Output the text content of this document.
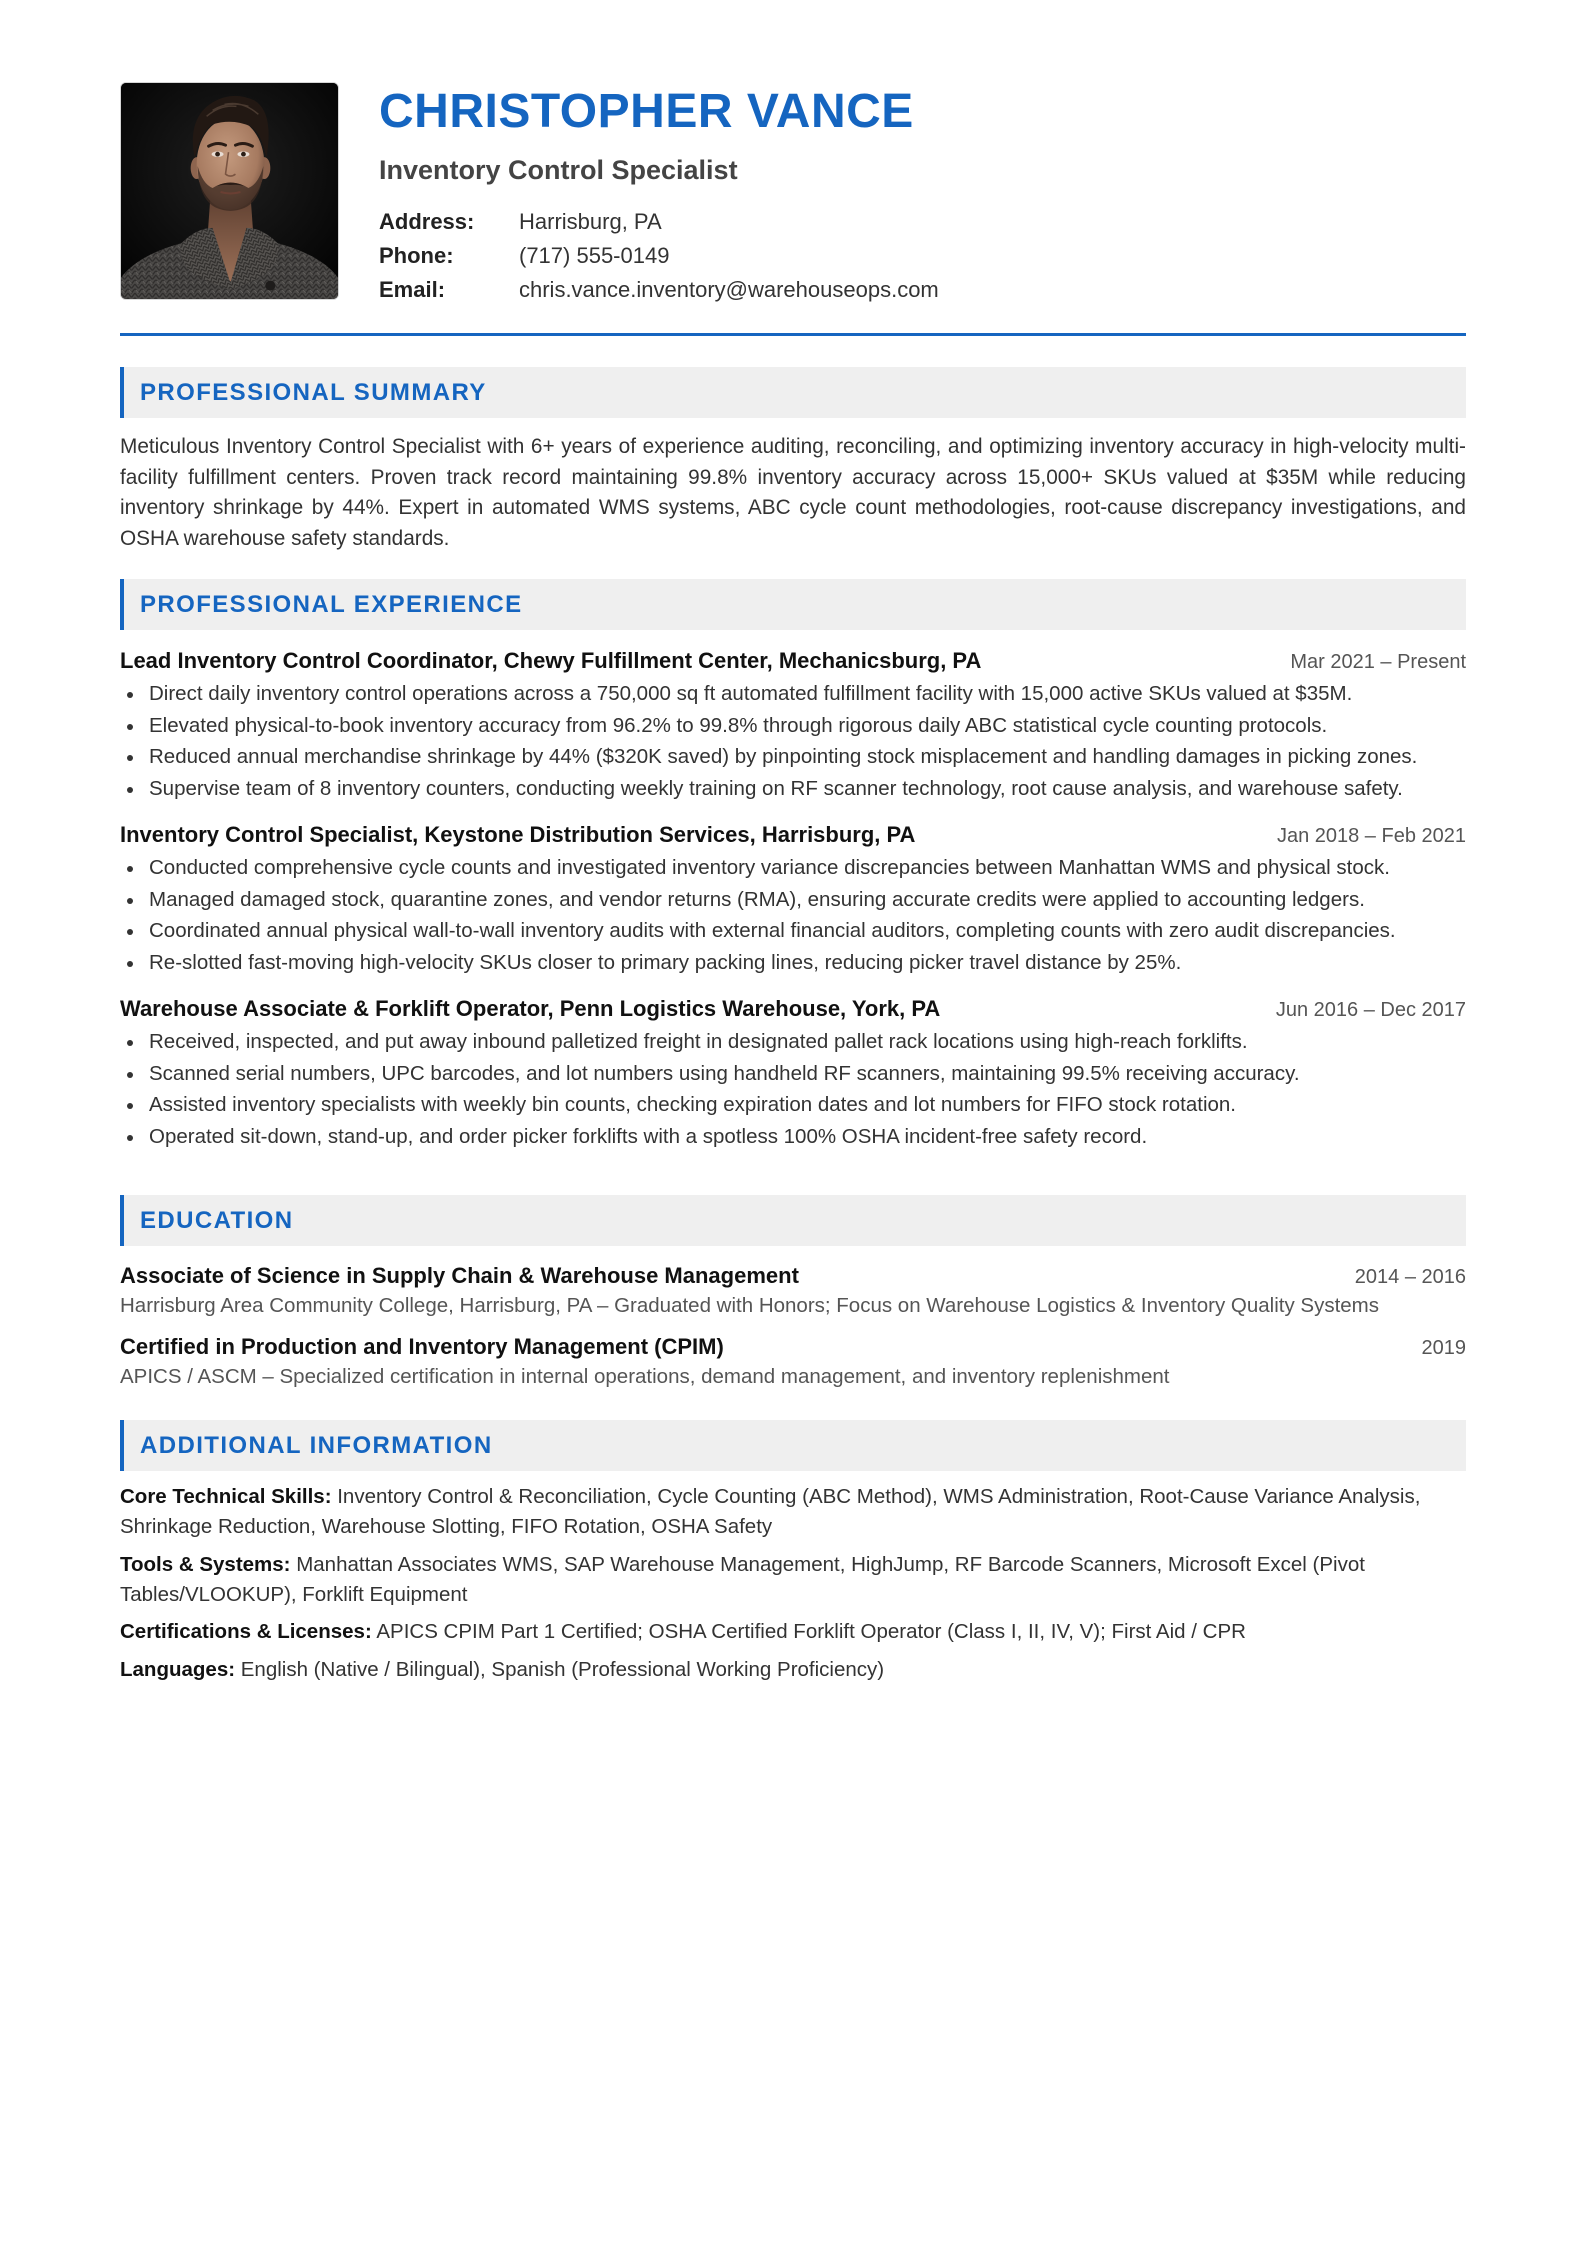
CHRISTOPHER VANCE
Inventory Control Specialist
Address:	Harrisburg, PA
Phone:	(717) 555-0149
Email:	chris.vance.inventory@warehouseops.com
PROFESSIONAL SUMMARY

Meticulous Inventory Control Specialist with 6+ years of experience auditing, reconciling, and optimizing inventory accuracy in high-velocity multi-facility fulfillment centers. Proven track record maintaining 99.8% inventory accuracy across 15,000+ SKUs valued at $35M while reducing inventory shrinkage by 44%. Expert in automated WMS systems, ABC cycle count methodologies, root-cause discrepancy investigations, and OSHA warehouse safety standards.

PROFESSIONAL EXPERIENCE
Lead Inventory Control Coordinator, Chewy Fulfillment Center, Mechanicsburg, PA	Mar 2021 – Present
Direct daily inventory control operations across a 750,000 sq ft automated fulfillment facility with 15,000 active SKUs valued at $35M.
Elevated physical-to-book inventory accuracy from 96.2% to 99.8% through rigorous daily ABC statistical cycle counting protocols.
Reduced annual merchandise shrinkage by 44% ($320K saved) by pinpointing stock misplacement and handling damages in picking zones.
Supervise team of 8 inventory counters, conducting weekly training on RF scanner technology, root cause analysis, and warehouse safety.
Inventory Control Specialist, Keystone Distribution Services, Harrisburg, PA	Jan 2018 – Feb 2021
Conducted comprehensive cycle counts and investigated inventory variance discrepancies between Manhattan WMS and physical stock.
Managed damaged stock, quarantine zones, and vendor returns (RMA), ensuring accurate credits were applied to accounting ledgers.
Coordinated annual physical wall-to-wall inventory audits with external financial auditors, completing counts with zero audit discrepancies.
Re-slotted fast-moving high-velocity SKUs closer to primary packing lines, reducing picker travel distance by 25%.
Warehouse Associate & Forklift Operator, Penn Logistics Warehouse, York, PA	Jun 2016 – Dec 2017
Received, inspected, and put away inbound palletized freight in designated pallet rack locations using high-reach forklifts.
Scanned serial numbers, UPC barcodes, and lot numbers using handheld RF scanners, maintaining 99.5% receiving accuracy.
Assisted inventory specialists with weekly bin counts, checking expiration dates and lot numbers for FIFO stock rotation.
Operated sit-down, stand-up, and order picker forklifts with a spotless 100% OSHA incident-free safety record.
EDUCATION
Associate of Science in Supply Chain & Warehouse Management	2014 – 2016
Harrisburg Area Community College, Harrisburg, PA – Graduated with Honors; Focus on Warehouse Logistics & Inventory Quality Systems
Certified in Production and Inventory Management (CPIM)	2019
APICS / ASCM – Specialized certification in internal operations, demand management, and inventory replenishment
ADDITIONAL INFORMATION

Core Technical Skills: Inventory Control & Reconciliation, Cycle Counting (ABC Method), WMS Administration, Root-Cause Variance Analysis, Shrinkage Reduction, Warehouse Slotting, FIFO Rotation, OSHA Safety

Tools & Systems: Manhattan Associates WMS, SAP Warehouse Management, HighJump, RF Barcode Scanners, Microsoft Excel (Pivot Tables/VLOOKUP), Forklift Equipment

Certifications & Licenses: APICS CPIM Part 1 Certified; OSHA Certified Forklift Operator (Class I, II, IV, V); First Aid / CPR

Languages: English (Native / Bilingual), Spanish (Professional Working Proficiency)
